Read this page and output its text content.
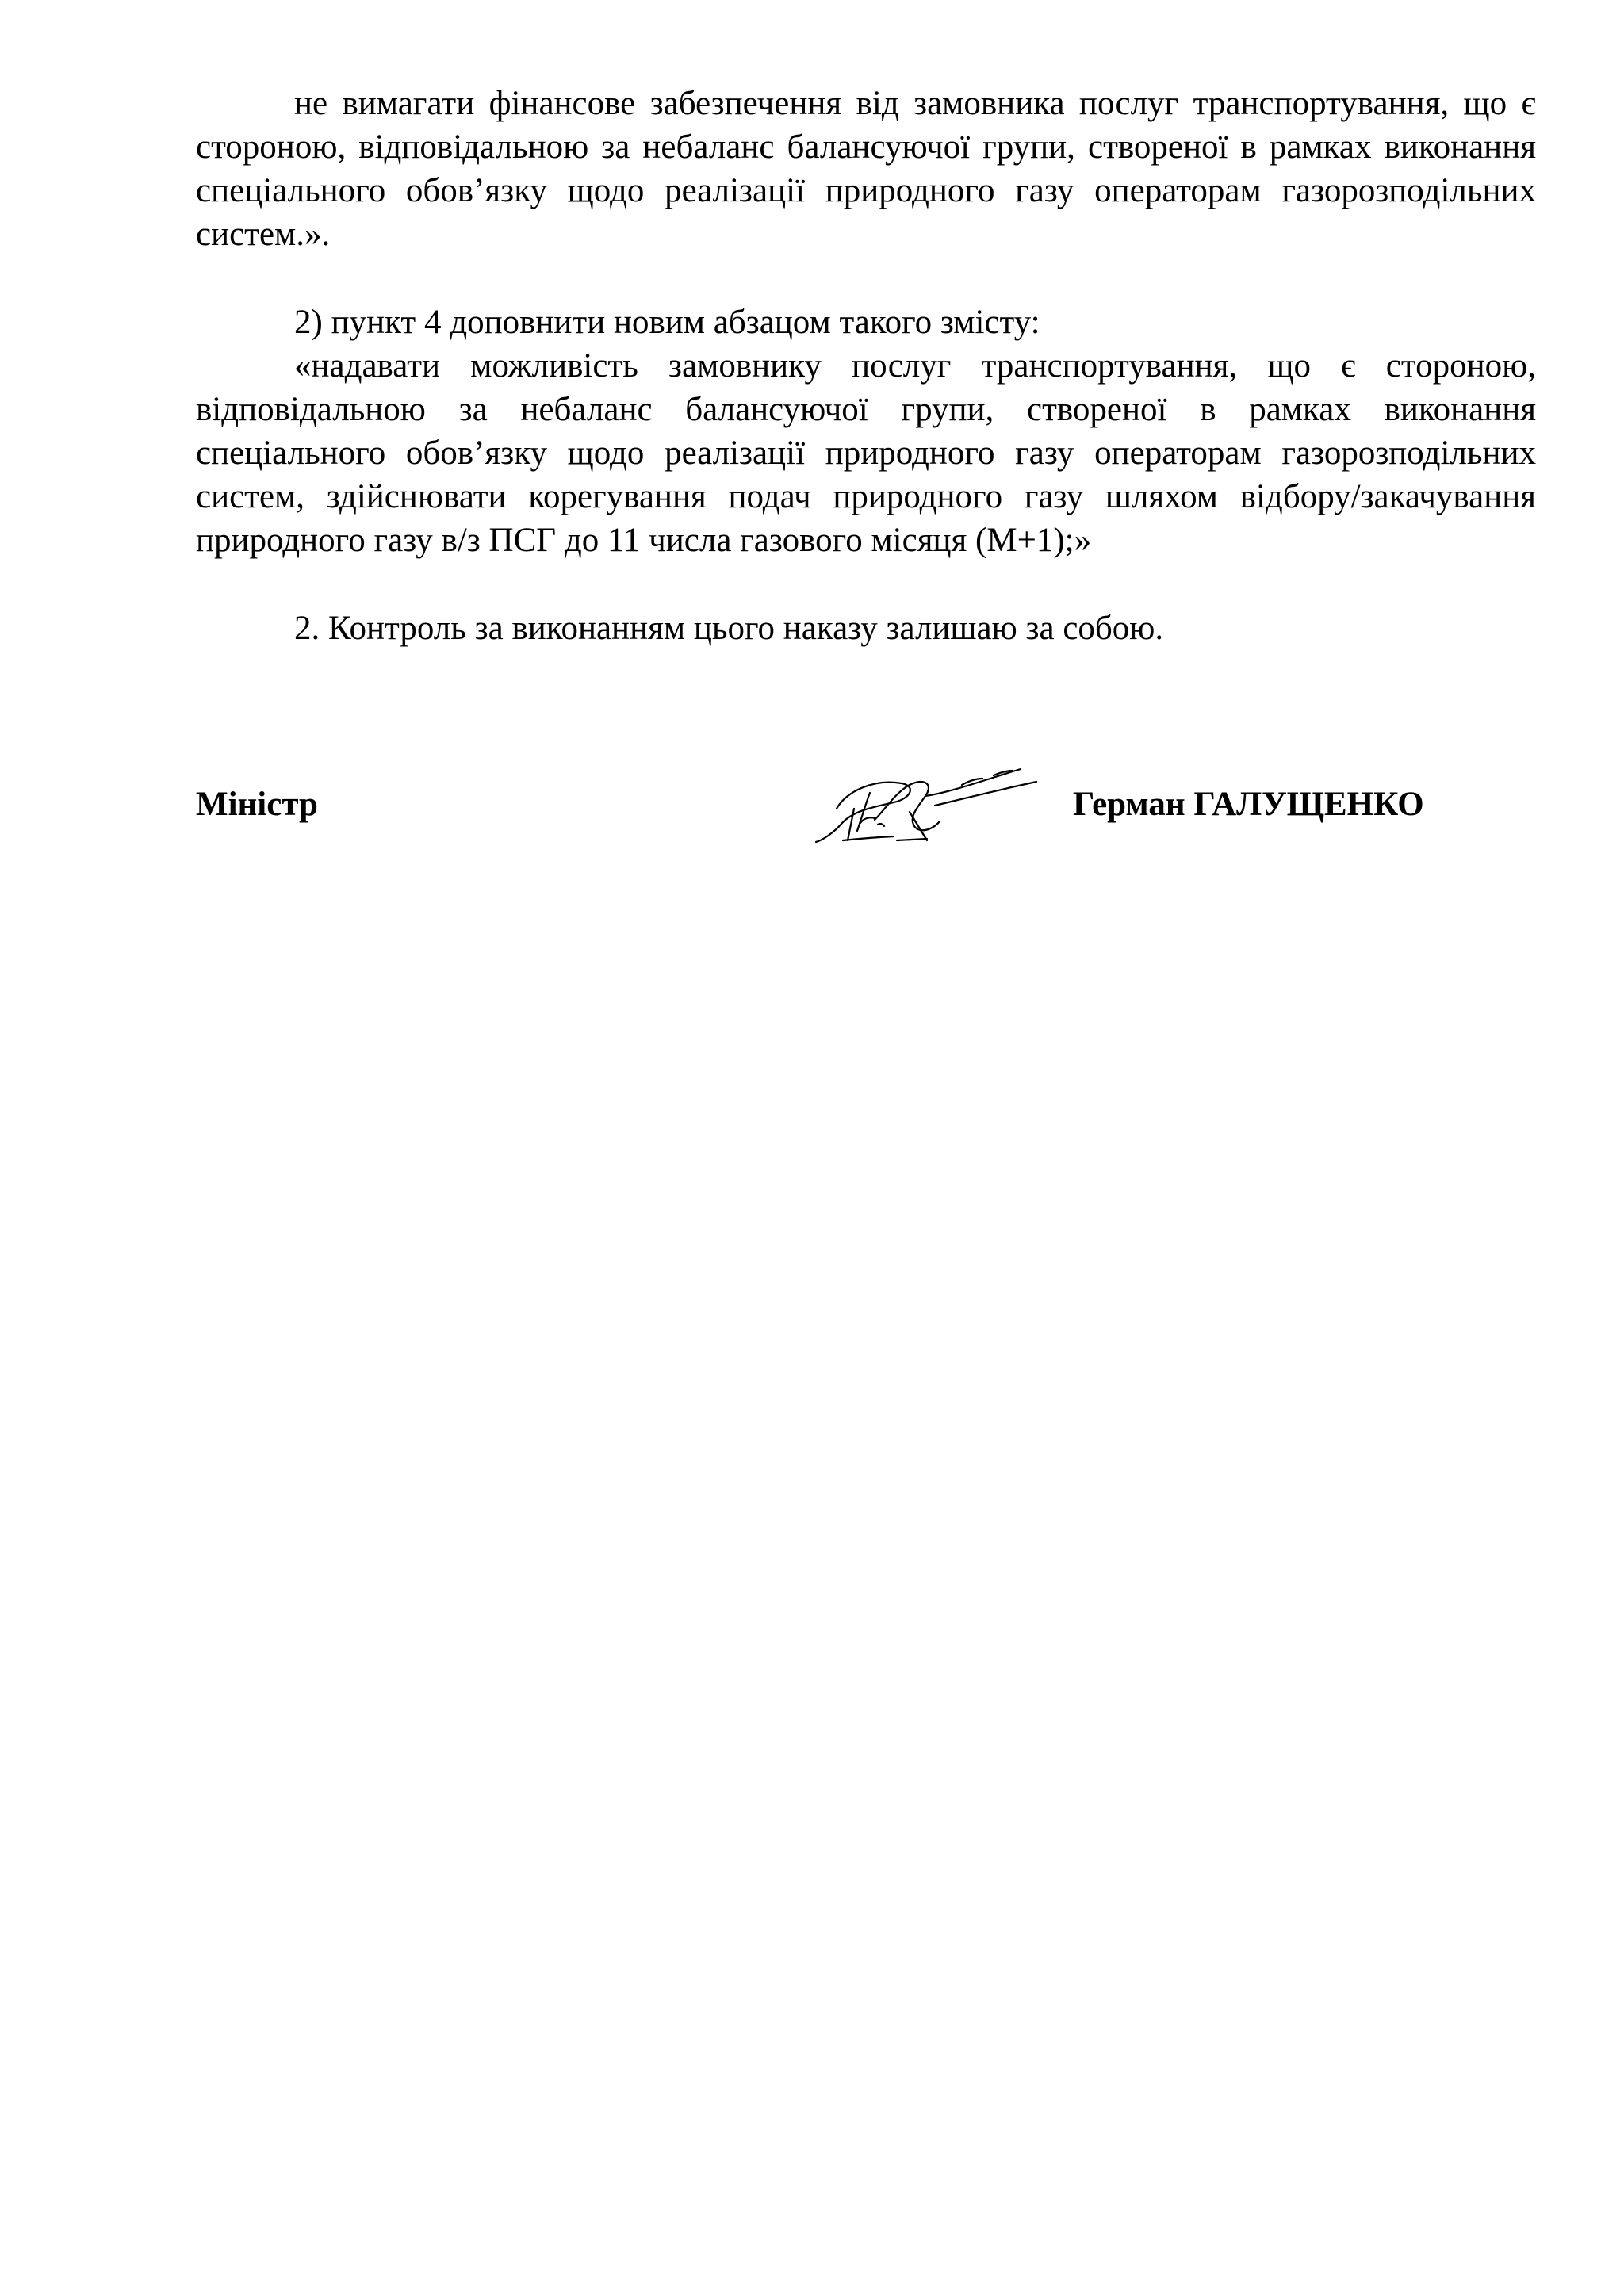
не вимагати фінансове забезпечення від замовника послуг транспортування, що є стороною, відповідальною за небаланс балансуючої групи, створеної в рамках виконання спеціального обов’язку щодо реалізації природного газу операторам газорозподільних систем.».

2) пункт 4 доповнити новим абзацом такого змісту:

«надавати можливість замовнику послуг транспортування, що є стороною, відповідальною за небаланс балансуючої групи, створеної в рамках виконання спеціального обов’язку щодо реалізації природного газу операторам газорозподільних систем, здійснювати корегування подач природного газу шляхом відбору/закачування природного газу в/з ПСГ до 11 числа газового місяця (М+1);»

2. Контроль за виконанням цього наказу залишаю за собою.

Міністр	Герман ГАЛУЩЕНКО
